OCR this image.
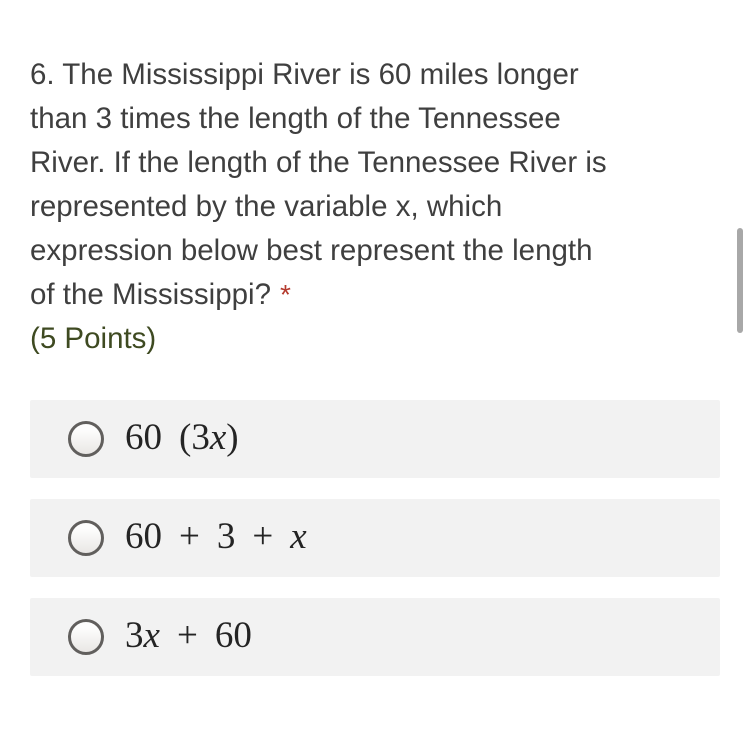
6. The Mississippi River is 60 miles longer
than 3 times the length of the Tennessee
River. If the length of the Tennessee River is
represented by the variable x, which
expression below best represent the length
of the Mississippi? *
(5 Points)
60 (3x)
60 + 3 + x
3x + 60
